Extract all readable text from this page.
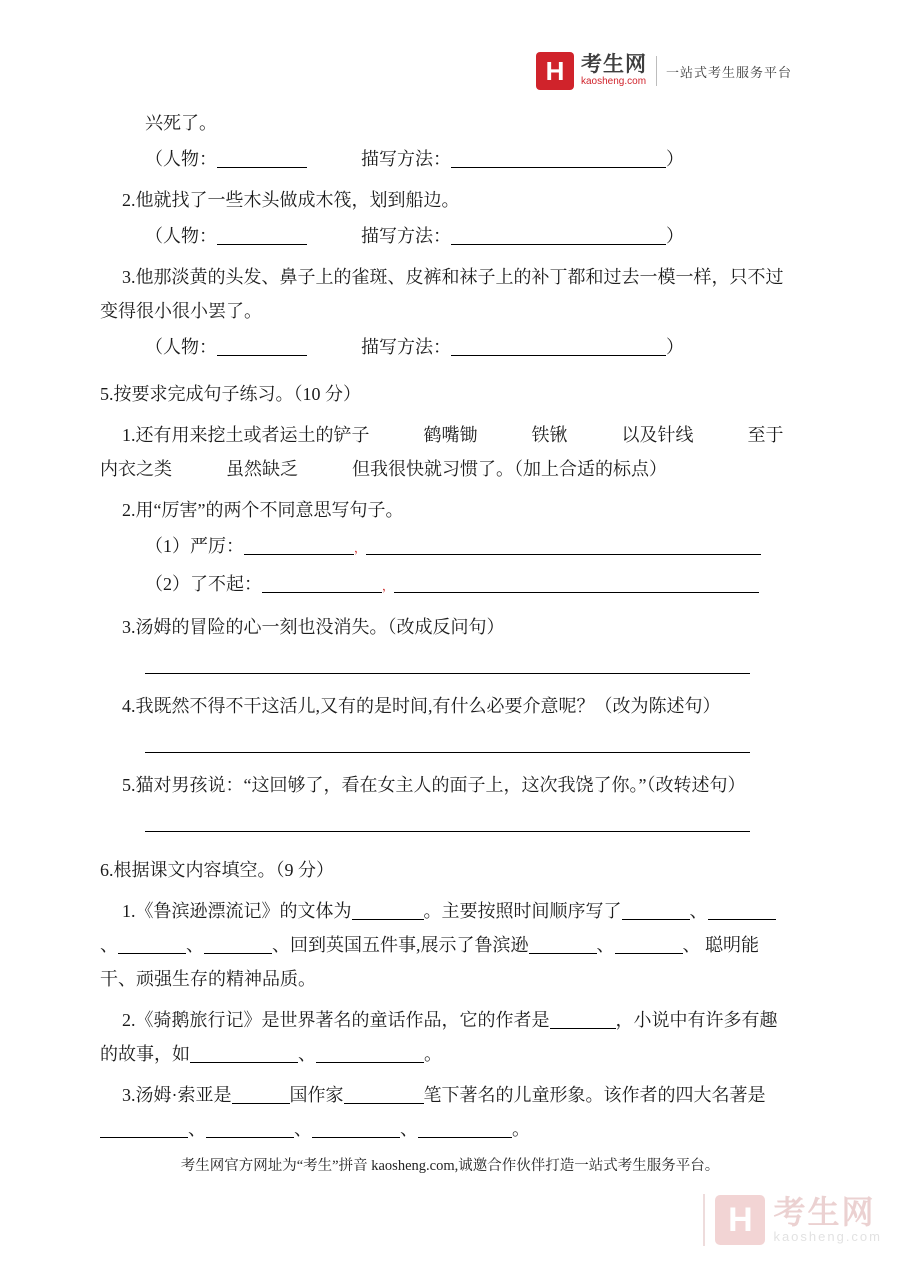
H 考生网
kaosheng.com
一站式考生服务平台
兴死了。
（人物：	　　　描写方法：	）
2.他就找了一些木头做成木筏，划到船边。
（人物：	　　　描写方法：	）
3.他那淡黄的头发、鼻子上的雀斑、皮裤和袜子上的补丁都和过去一模一样，只不过变得很小很小罢了。
（人物：	　　　描写方法：	）
5.按要求完成句子练习。（10 分）
1.还有用来挖土或者运土的铲子　　　鹤嘴锄　　　铁锹　　　以及针线　　　至于内衣之类　　　虽然缺乏　　　但我很快就习惯了。（加上合适的标点）
2.用“厉害”的两个不同意思写句子。
（1）严厉：	，
（2）了不起：	，
3.汤姆的冒险的心一刻也没消失。（改成反问句）
4.我既然不得不干这活儿,又有的是时间,有什么必要介意呢？（改为陈述句）
5.猫对男孩说：“这回够了，看在女主人的面子上，这次我饶了你。”（改转述句）
6.根据课文内容填空。（9 分）
1.《鲁滨逊漂流记》的文体为	。主要按照时间顺序写了	、、	、	、回到英国五件事,展示了鲁滨逊	、	、 聪明能干、顽强生存的精神品质。
2.《骑鹅旅行记》是世界著名的童话作品，它的作者是	，小说中有许多有趣的故事，如	、	。
3.汤姆·索亚是	国作家	笔下著名的儿童形象。该作者的四大名著是、	、	、	。
考生网官方网址为“考生”拼音 kaosheng.com,诚邀合作伙伴打造一站式考生服务平台。
H 考生网
kaosheng.com
